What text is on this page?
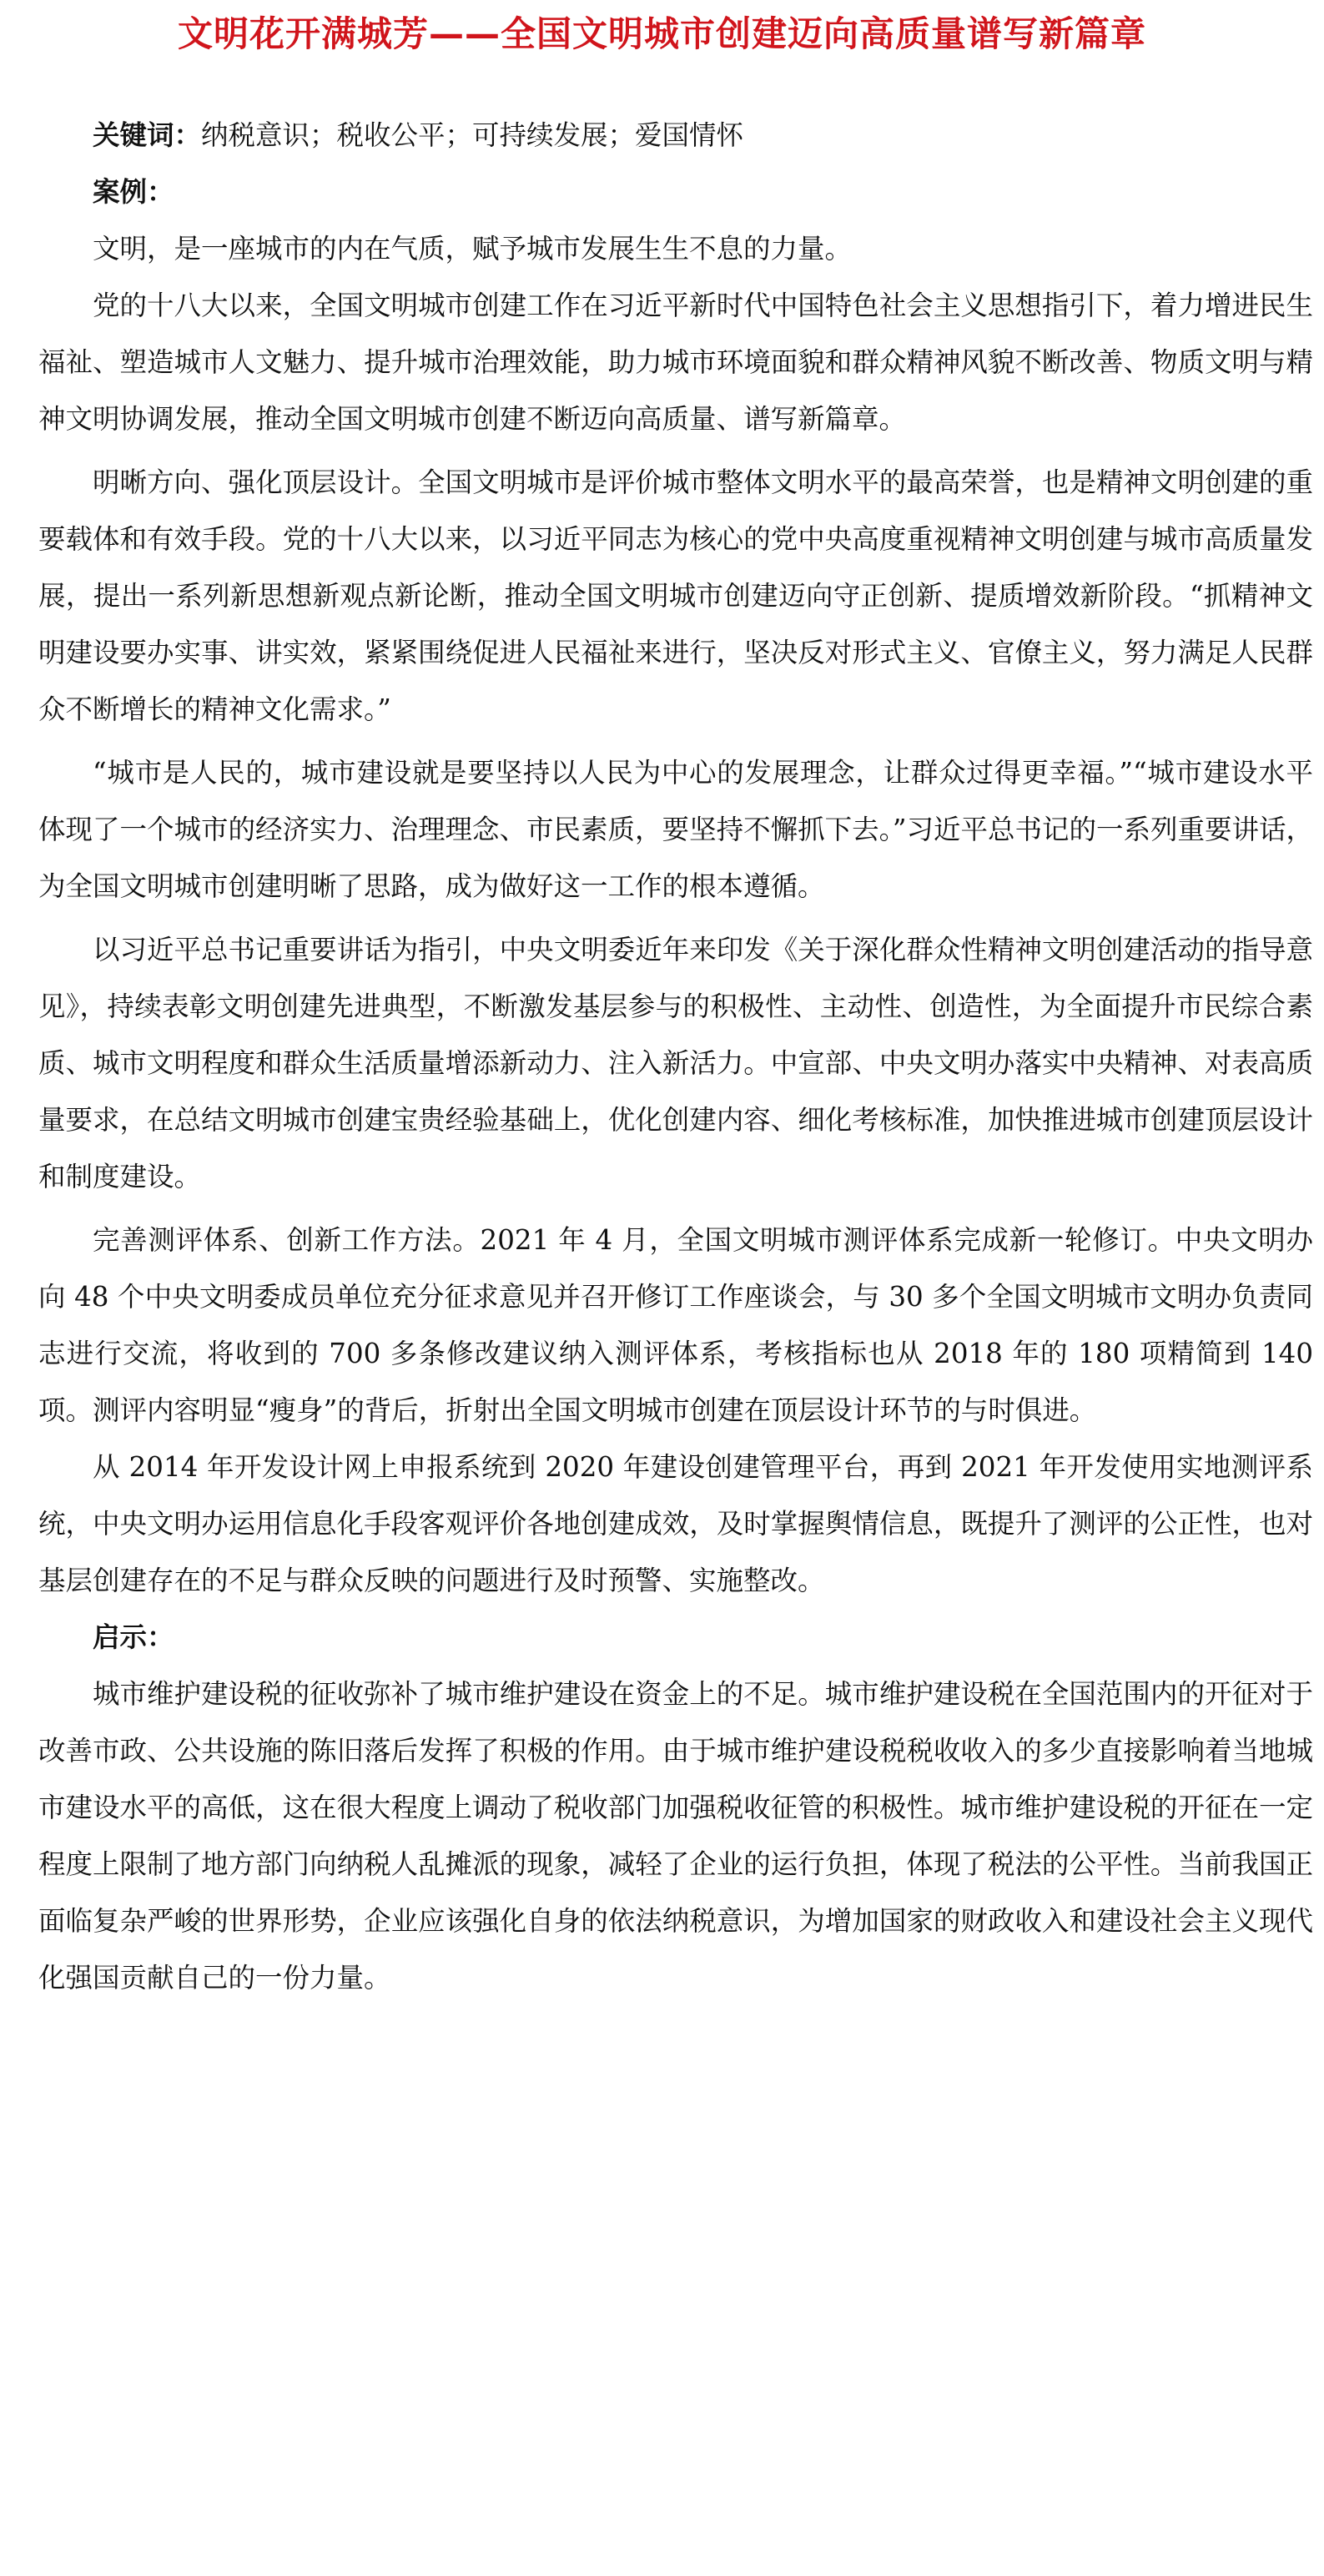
文明花开满城芳——全国文明城市创建迈向高质量谱写新篇章

关键词：纳税意识；税收公平；可持续发展；爱国情怀

案例：

文明，是一座城市的内在气质，赋予城市发展生生不息的力量。

党的十八大以来，全国文明城市创建工作在习近平新时代中国特色社会主义思想指引下，着力增进民生福祉、塑造城市人文魅力、提升城市治理效能，助力城市环境面貌和群众精神风貌不断改善、物质文明与精神文明协调发展，推动全国文明城市创建不断迈向高质量、谱写新篇章。

明晰方向、强化顶层设计。全国文明城市是评价城市整体文明水平的最高荣誉，也是精神文明创建的重要载体和有效手段。党的十八大以来，以习近平同志为核心的党中央高度重视精神文明创建与城市高质量发展，提出一系列新思想新观点新论断，推动全国文明城市创建迈向守正创新、提质增效新阶段。“抓精神文明建设要办实事、讲实效，紧紧围绕促进人民福祉来进行，坚决反对形式主义、官僚主义，努力满足人民群众不断增长的精神文化需求。”

“城市是人民的，城市建设就是要坚持以人民为中心的发展理念，让群众过得更幸福。”“城市建设水平体现了一个城市的经济实力、治理理念、市民素质，要坚持不懈抓下去。”习近平总书记的一系列重要讲话，为全国文明城市创建明晰了思路，成为做好这一工作的根本遵循。

以习近平总书记重要讲话为指引，中央文明委近年来印发《关于深化群众性精神文明创建活动的指导意见》，持续表彰文明创建先进典型，不断激发基层参与的积极性、主动性、创造性，为全面提升市民综合素质、城市文明程度和群众生活质量增添新动力、注入新活力。中宣部、中央文明办落实中央精神、对表高质量要求，在总结文明城市创建宝贵经验基础上，优化创建内容、细化考核标准，加快推进城市创建顶层设计和制度建设。

完善测评体系、创新工作方法。2021 年 4 月，全国文明城市测评体系完成新一轮修订。中央文明办向 48 个中央文明委成员单位充分征求意见并召开修订工作座谈会，与 30 多个全国文明城市文明办负责同志进行交流，将收到的 700 多条修改建议纳入测评体系，考核指标也从 2018 年的 180 项精简到 140 项。测评内容明显“瘦身”的背后，折射出全国文明城市创建在顶层设计环节的与时俱进。

从 2014 年开发设计网上申报系统到 2020 年建设创建管理平台，再到 2021 年开发使用实地测评系统，中央文明办运用信息化手段客观评价各地创建成效，及时掌握舆情信息，既提升了测评的公正性，也对基层创建存在的不足与群众反映的问题进行及时预警、实施整改。

启示：

城市维护建设税的征收弥补了城市维护建设在资金上的不足。城市维护建设税在全国范围内的开征对于改善市政、公共设施的陈旧落后发挥了积极的作用。由于城市维护建设税税收收入的多少直接影响着当地城市建设水平的高低，这在很大程度上调动了税收部门加强税收征管的积极性。城市维护建设税的开征在一定程度上限制了地方部门向纳税人乱摊派的现象，减轻了企业的运行负担，体现了税法的公平性。当前我国正面临复杂严峻的世界形势，企业应该强化自身的依法纳税意识，为增加国家的财政收入和建设社会主义现代化强国贡献自己的一份力量。
